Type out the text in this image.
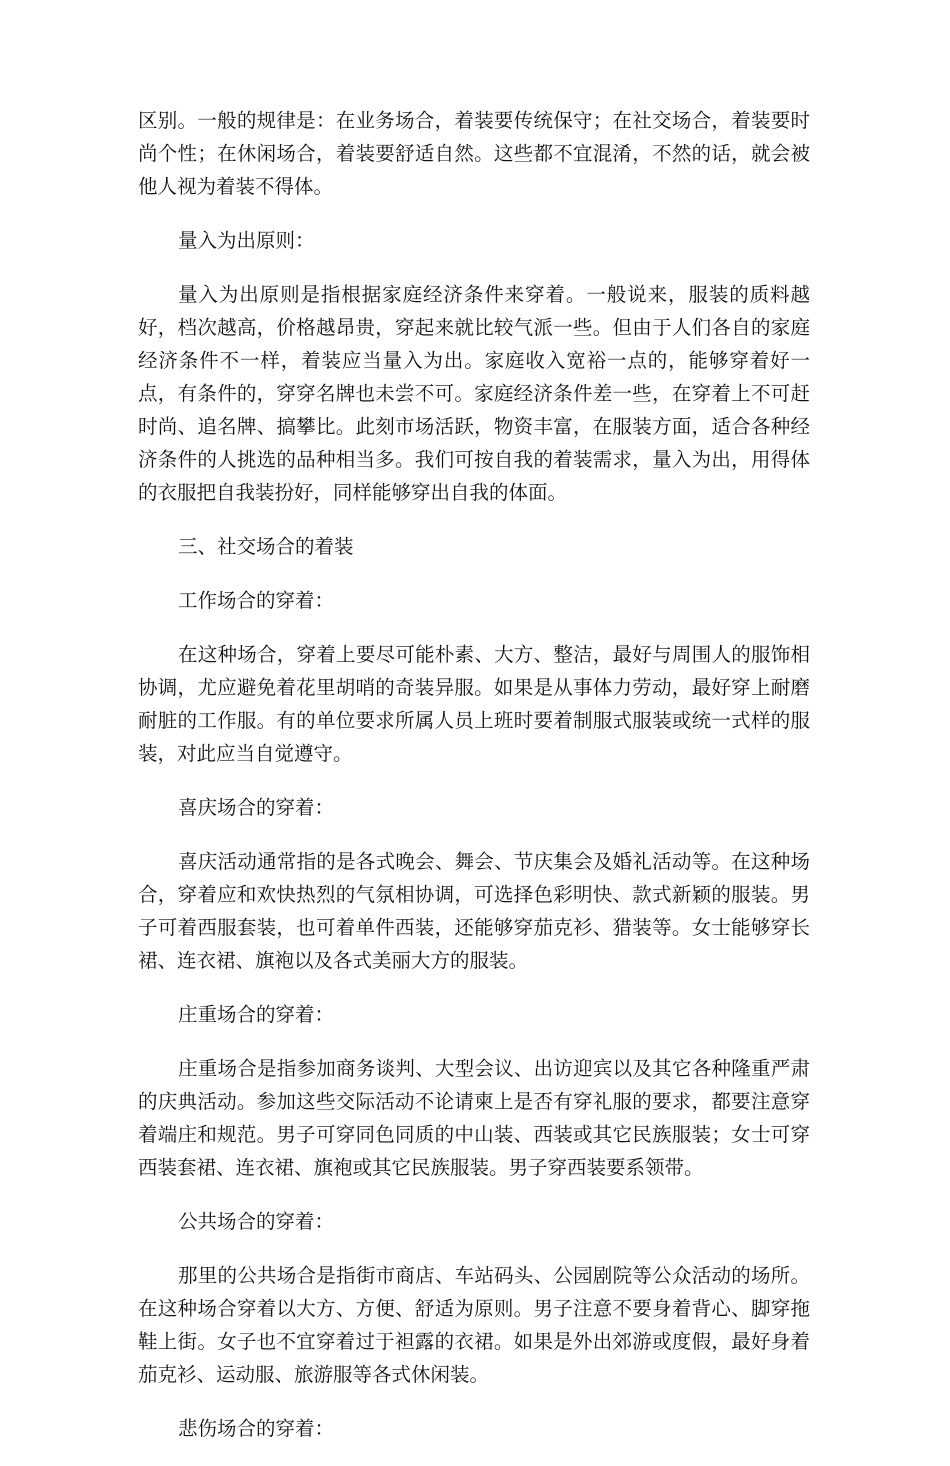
区别。一般的规律是：在业务场合，着装要传统保守；在社交场合，着装要时尚个性；在休闲场合，着装要舒适自然。这些都不宜混淆，不然的话，就会被他人视为着装不得体。

量入为出原则：

量入为出原则是指根据家庭经济条件来穿着。一般说来，服装的质料越好，档次越高，价格越昂贵，穿起来就比较气派一些。但由于人们各自的家庭经济条件不一样，着装应当量入为出。家庭收入宽裕一点的，能够穿着好一点，有条件的，穿穿名牌也未尝不可。家庭经济条件差一些，在穿着上不可赶时尚、追名牌、搞攀比。此刻市场活跃，物资丰富，在服装方面，适合各种经济条件的人挑选的品种相当多。我们可按自我的着装需求，量入为出，用得体的衣服把自我装扮好，同样能够穿出自我的体面。

三、社交场合的着装

工作场合的穿着：

在这种场合，穿着上要尽可能朴素、大方、整洁，最好与周围人的服饰相协调，尤应避免着花里胡哨的奇装异服。如果是从事体力劳动，最好穿上耐磨耐脏的工作服。有的单位要求所属人员上班时要着制服式服装或统一式样的服装，对此应当自觉遵守。

喜庆场合的穿着：

喜庆活动通常指的是各式晚会、舞会、节庆集会及婚礼活动等。在这种场合，穿着应和欢快热烈的气氛相协调，可选择色彩明快、款式新颖的服装。男子可着西服套装，也可着单件西装，还能够穿茄克衫、猎装等。女士能够穿长裙、连衣裙、旗袍以及各式美丽大方的服装。

庄重场合的穿着：

庄重场合是指参加商务谈判、大型会议、出访迎宾以及其它各种隆重严肃的庆典活动。参加这些交际活动不论请柬上是否有穿礼服的要求，都要注意穿着端庄和规范。男子可穿同色同质的中山装、西装或其它民族服装；女士可穿西装套裙、连衣裙、旗袍或其它民族服装。男子穿西装要系领带。

公共场合的穿着：

那里的公共场合是指街市商店、车站码头、公园剧院等公众活动的场所。在这种场合穿着以大方、方便、舒适为原则。男子注意不要身着背心、脚穿拖鞋上街。女子也不宜穿着过于袒露的衣裙。如果是外出郊游或度假，最好身着茄克衫、运动服、旅游服等各式休闲装。

悲伤场合的穿着：
